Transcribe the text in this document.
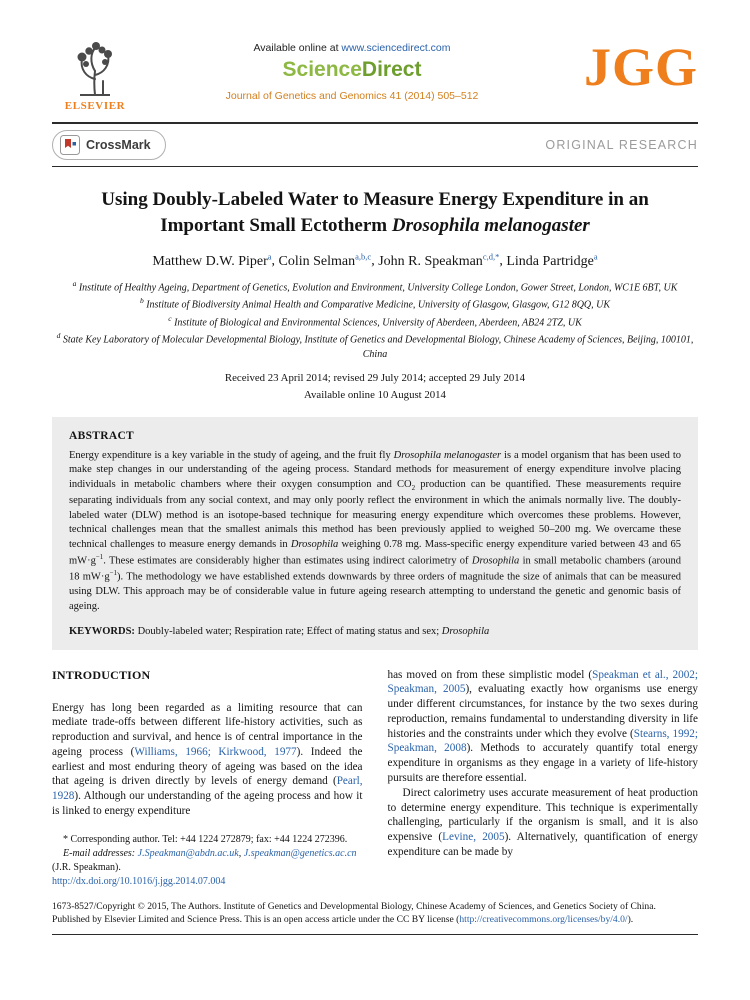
ELSEVIER
Available online at www.sciencedirect.com
ScienceDirect
Journal of Genetics and Genomics 41 (2014) 505–512	JGG
CrossMark	ORIGINAL RESEARCH
Using Doubly-Labeled Water to Measure Energy Expenditure in an Important Small Ectotherm Drosophila melanogaster
Matthew D.W. Piper$^a$, Colin Selman$^{a,b,c}$, John R. Speakman$^{c,d,*}$, Linda Partridge$^a$
$^a$ Institute of Healthy Ageing, Department of Genetics, Evolution and Environment, University College London, Gower Street, London, WC1E 6BT, UK
$^b$ Institute of Biodiversity Animal Health and Comparative Medicine, University of Glasgow, Glasgow, G12 8QQ, UK
$^c$ Institute of Biological and Environmental Sciences, University of Aberdeen, Aberdeen, AB24 2TZ, UK
$^d$ State Key Laboratory of Molecular Developmental Biology, Institute of Genetics and Developmental Biology, Chinese Academy of Sciences, Beijing, 100101, China
Received 23 April 2014; revised 29 July 2014; accepted 29 July 2014
Available online 10 August 2014
ABSTRACT

Energy expenditure is a key variable in the study of ageing, and the fruit fly Drosophila melanogaster is a model organism that has been used to make step changes in our understanding of the ageing process. Standard methods for measurement of energy expenditure involve placing individuals in metabolic chambers where their oxygen consumption and $CO_2$ production can be quantified. These measurements require separating individuals from any social context, and may only poorly reflect the environment in which the animals normally live. The doubly-labeled water (DLW) method is an isotope-based technique for measuring energy expenditure which overcomes these problems. However, technical challenges mean that the smallest animals this method has been previously applied to weighed 50–200 mg. We overcame these technical challenges to measure energy demands in Drosophila weighing 0.78 mg. Mass-specific energy expenditure varied between 43 and 65 $mW\cdot g^{-1}$. These estimates are considerably higher than estimates using indirect calorimetry of Drosophila in small metabolic chambers (around 18 $mW\cdot g^{-1}$). The methodology we have established extends downwards by three orders of magnitude the size of animals that can be measured using DLW. This approach may be of considerable value in future ageing research attempting to understand the genetic and genomic basis of ageing.

KEYWORDS: Doubly-labeled water; Respiration rate; Effect of mating status and sex; Drosophila

INTRODUCTION

Energy has long been regarded as a limiting resource that can mediate trade-offs between different life-history activities, such as reproduction and survival, and hence is of central importance in the ageing process (Williams, 1966; Kirkwood, 1977). Indeed the earliest and most enduring theory of ageing was based on the idea that ageing is driven directly by levels of energy demand (Pearl, 1928). Although our understanding of the ageing process and how it is linked to energy expenditure

* Corresponding author. Tel: +44 1224 272879; fax: +44 1224 272396.

E-mail addresses: J.Speakman@abdn.ac.uk, J.speakman@genetics.ac.cn

(J.R. Speakman).

http://dx.doi.org/10.1016/j.jgg.2014.07.004

has moved on from these simplistic model (Speakman et al., 2002; Speakman, 2005), evaluating exactly how organisms use energy under different circumstances, for instance by the two sexes during reproduction, remains fundamental to understanding diversity in life histories and the constraints under which they evolve (Stearns, 1992; Speakman, 2008). Methods to accurately quantify total energy expenditure in organisms as they engage in a variety of life-history pursuits are therefore essential.

Direct calorimetry uses accurate measurement of heat production to determine energy expenditure. This technique is experimentally challenging, particularly if the organism is small, and it is also expensive (Levine, 2005). Alternatively, quantification of energy expenditure can be made by

1673-8527/Copyright © 2015, The Authors. Institute of Genetics and Developmental Biology, Chinese Academy of Sciences, and Genetics Society of China.

Published by Elsevier Limited and Science Press. This is an open access article under the CC BY license (http://creativecommons.org/licenses/by/4.0/).
